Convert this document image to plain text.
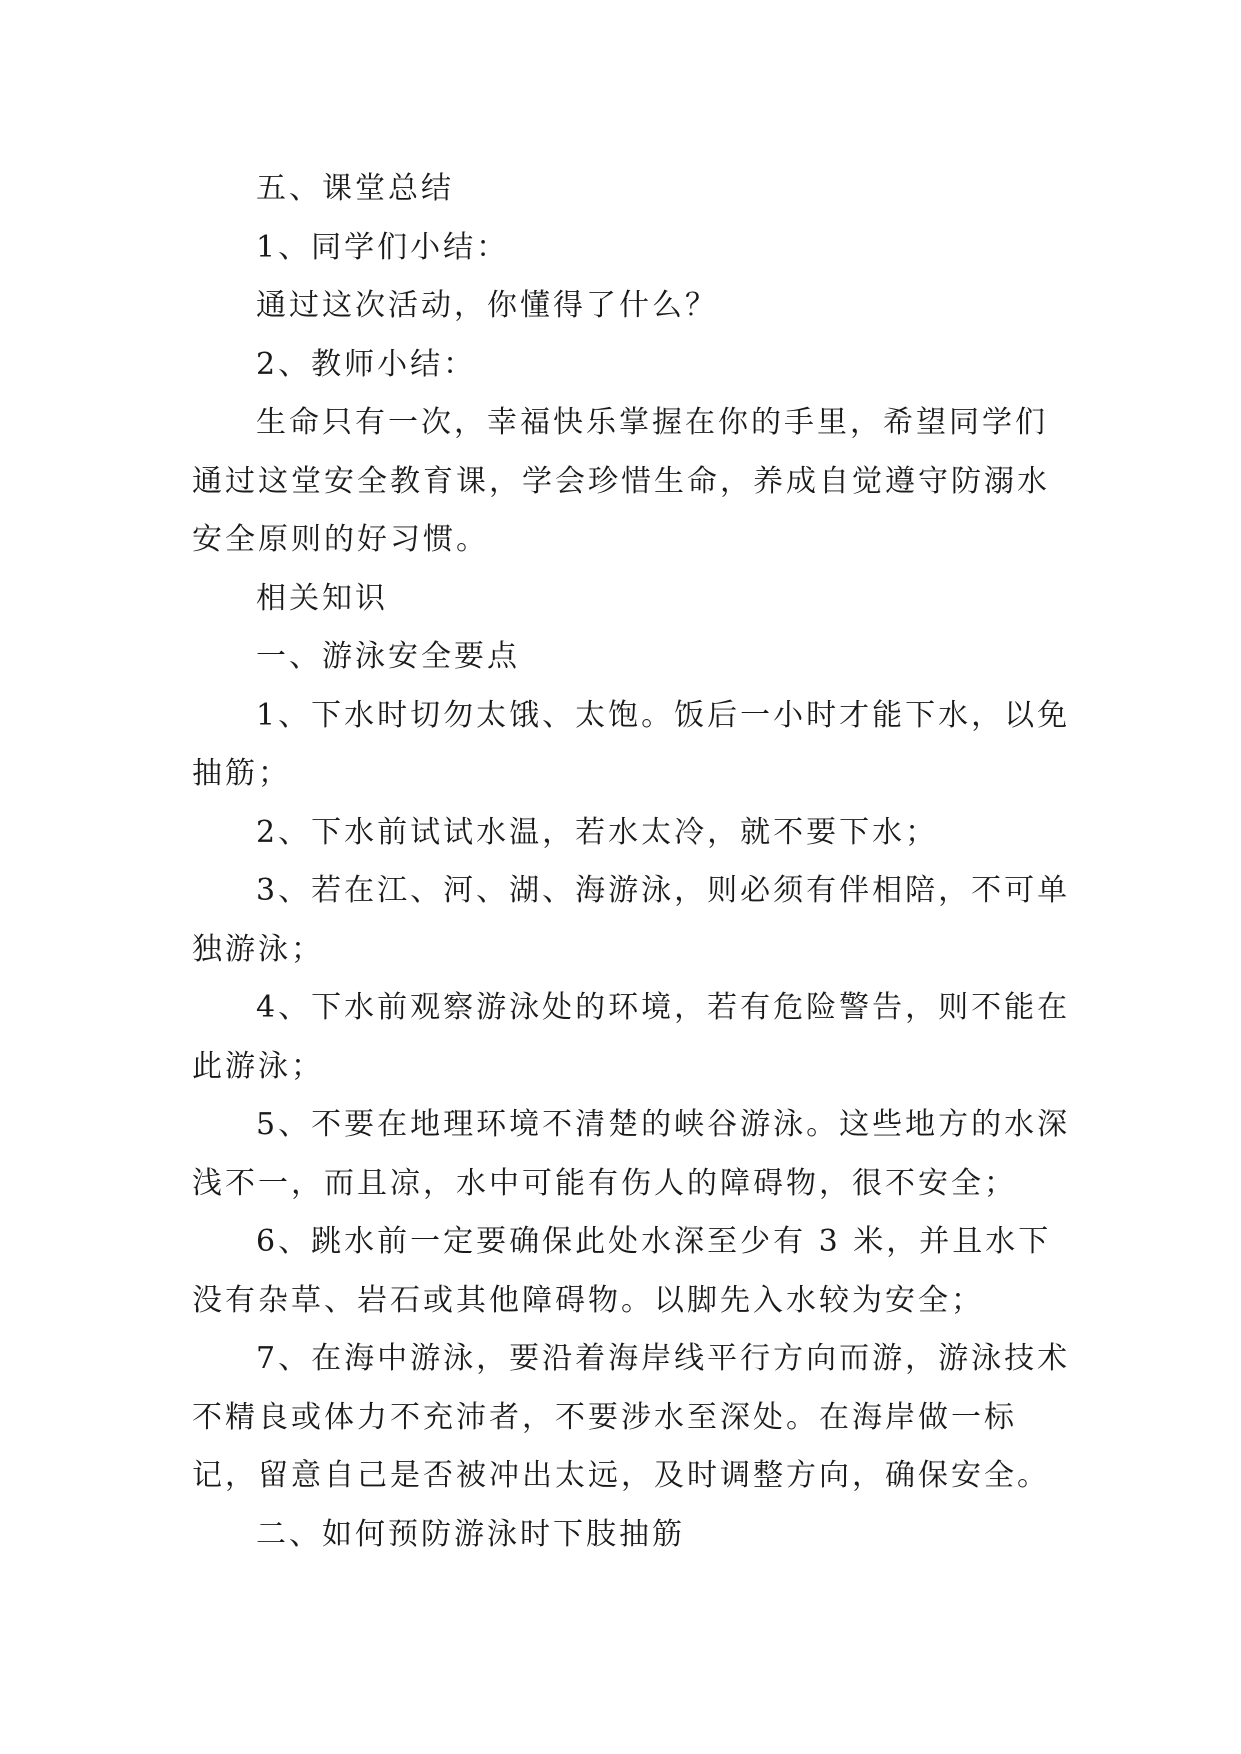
五、课堂总结

1、同学们小结：

通过这次活动，你懂得了什么？

2、教师小结：

生命只有一次，幸福快乐掌握在你的手里，希望同学们通过这堂安全教育课，学会珍惜生命，养成自觉遵守防溺水安全原则的好习惯。

相关知识

一、游泳安全要点

1、下水时切勿太饿、太饱。饭后一小时才能下水，以免抽筋；

2、下水前试试水温，若水太冷，就不要下水；

3、若在江、河、湖、海游泳，则必须有伴相陪，不可单独游泳；

4、下水前观察游泳处的环境，若有危险警告，则不能在此游泳；

5、不要在地理环境不清楚的峡谷游泳。这些地方的水深浅不一，而且凉，水中可能有伤人的障碍物，很不安全；

6、跳水前一定要确保此处水深至少有 3 米，并且水下没有杂草、岩石或其他障碍物。以脚先入水较为安全；

7、在海中游泳，要沿着海岸线平行方向而游，游泳技术不精良或体力不充沛者，不要涉水至深处。在海岸做一标记，留意自己是否被冲出太远，及时调整方向，确保安全。

二、如何预防游泳时下肢抽筋
